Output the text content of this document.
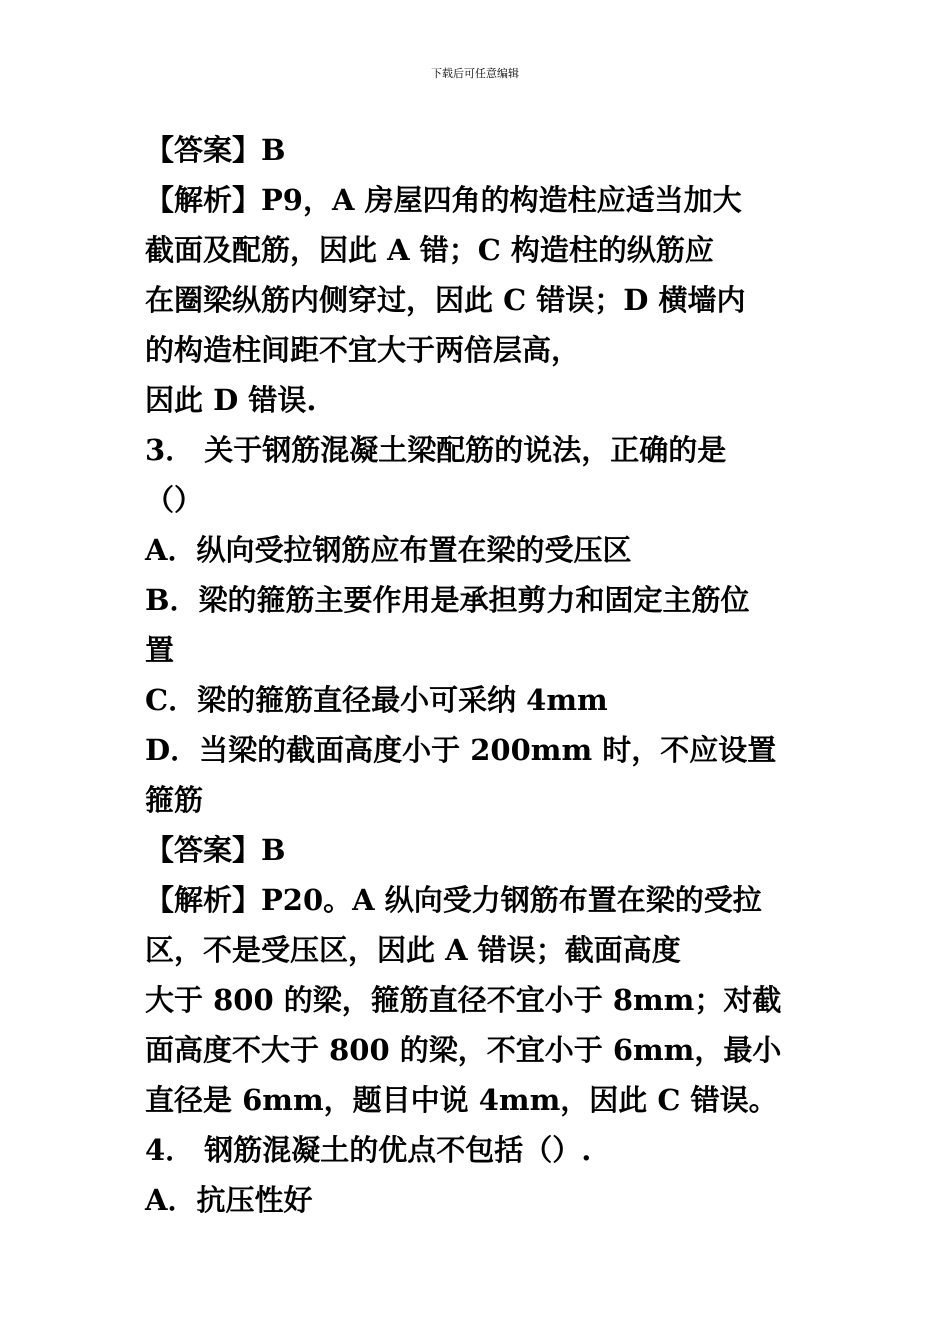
下载后可任意编辑
【答案】B
【解析】P9，A 房屋四角的构造柱应适当加大
截面及配筋，因此 A 错；C 构造柱的纵筋应
在圈梁纵筋内侧穿过，因此 C 错误；D 横墙内
的构造柱间距不宜大于两倍层高，
因此 D 错误.
3． 关于钢筋混凝土梁配筋的说法，正确的是
（）
A．纵向受拉钢筋应布置在梁的受压区
B．梁的箍筋主要作用是承担剪力和固定主筋位
置
C．梁的箍筋直径最小可采纳 4mm
D．当梁的截面高度小于 200mm 时，不应设置
箍筋
【答案】B
【解析】P20。A 纵向受力钢筋布置在梁的受拉
区，不是受压区，因此 A 错误；截面高度
大于 800 的梁，箍筋直径不宜小于 8mm；对截
面高度不大于 800 的梁，不宜小于 6mm，最小
直径是 6mm，题目中说 4mm，因此 C 错误。
4． 钢筋混凝土的优点不包括（）.
A．抗压性好
